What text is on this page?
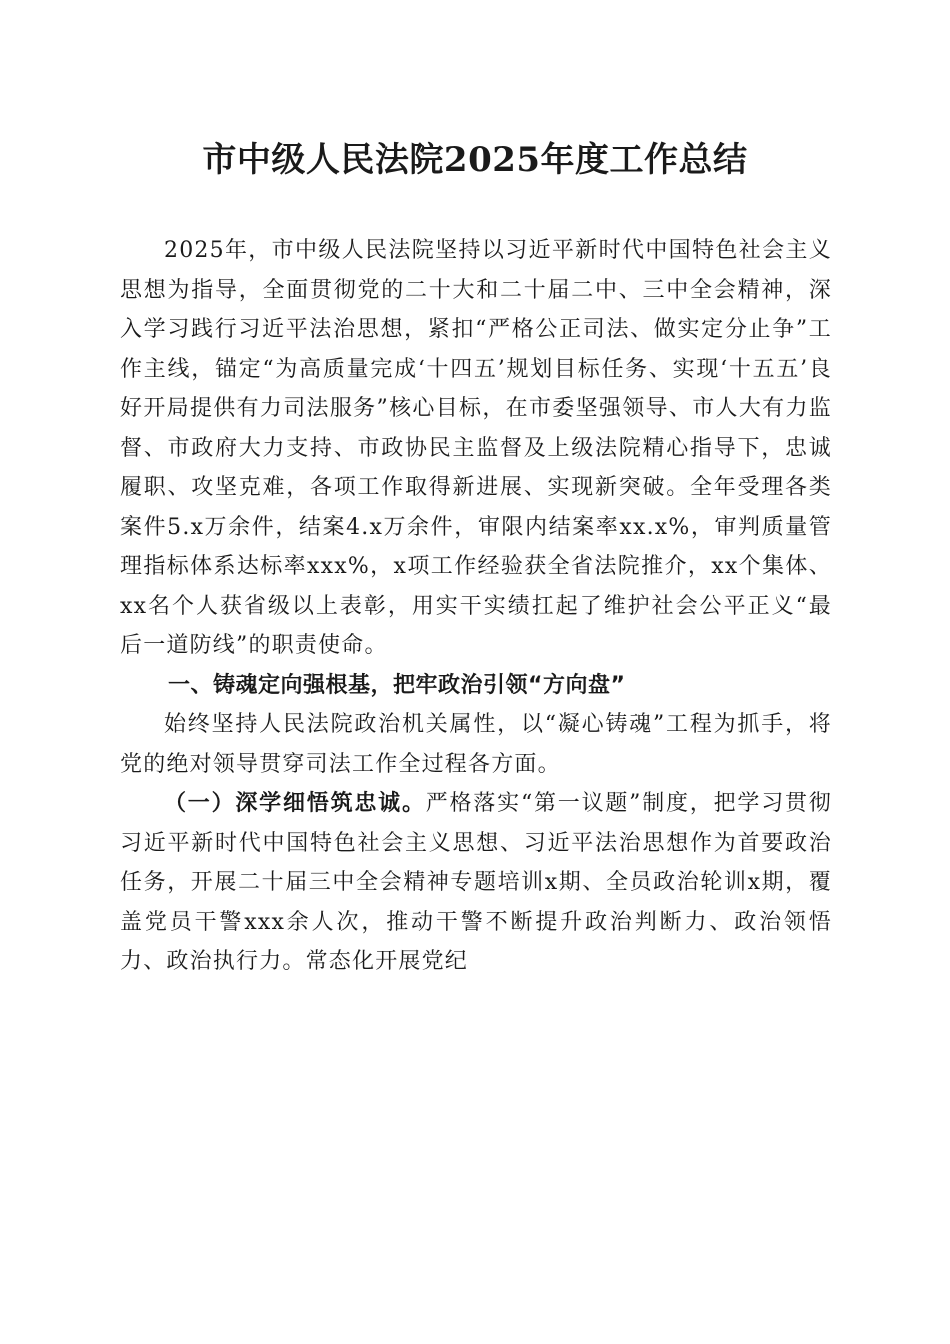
市中级人民法院2025年度工作总结

2025年，市中级人民法院坚持以习近平新时代中国特色社会主义思想为指导，全面贯彻党的二十大和二十届二中、三中全会精神，深入学习践行习近平法治思想，紧扣“严格公正司法、做实定分止争”工作主线，锚定“为高质量完成‘十四五’规划目标任务、实现‘十五五’良好开局提供有力司法服务”核心目标，在市委坚强领导、市人大有力监督、市政府大力支持、市政协民主监督及上级法院精心指导下，忠诚履职、攻坚克难，各项工作取得新进展、实现新突破。全年受理各类案件5.x万余件，结案4.x万余件，审限内结案率xx.x%，审判质量管理指标体系达标率xxx%，x项工作经验获全省法院推介，xx个集体、xx名个人获省级以上表彰，用实干实绩扛起了维护社会公平正义“最后一道防线”的职责使命。

一、铸魂定向强根基，把牢政治引领“方向盘”

始终坚持人民法院政治机关属性，以“凝心铸魂”工程为抓手，将党的绝对领导贯穿司法工作全过程各方面。

（一）深学细悟筑忠诚。严格落实“第一议题”制度，把学习贯彻习近平新时代中国特色社会主义思想、习近平法治思想作为首要政治任务，开展二十届三中全会精神专题培训x期、全员政治轮训x期，覆盖党员干警xxx余人次，推动干警不断提升政治判断力、政治领悟力、政治执行力。常态化开展党纪
